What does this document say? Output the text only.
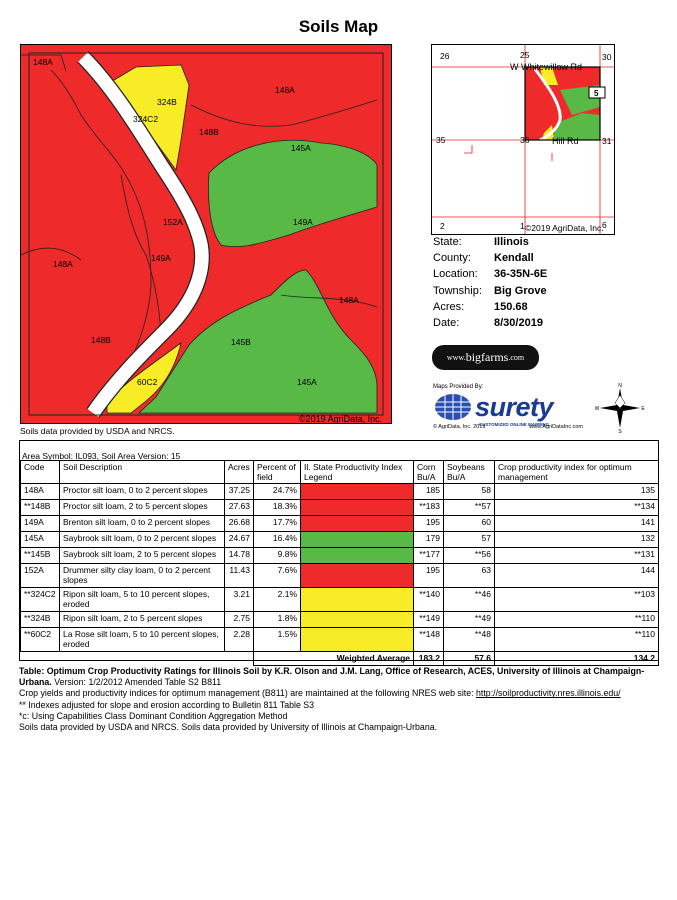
Soils Map
148A
324B
324C2
148A
148B
145A
152A	149A
148A
149A
148A
148B	145B
60C2	145A
©2019 AgriData, Inc.
Soils data provided by USDA and NRCS.
26	25	30
35	36	31
2	1	6
W Whitewillow Rd
Hill Rd
5
©2019 AgriData, Inc.
State:	Illinois
County:	Kendall
Location:	36-35N-6E
Township:	Big Grove
Acres:	150.68
Date:	8/30/2019
www. bigfarms .com
Maps Provided By:
surety
CUSTOMIZED ONLINE MAPPING
© AgriData, Inc. 2019	www.AgriDataInc.com
N
S
W	E
Area Symbol: IL093, Soil Area Version: 15
Code	Soil Description	Acres	Percent of field	Il. State Productivity Index Legend	Corn Bu/A	Soybeans Bu/A	Crop productivity index for optimum management
148A	Proctor silt loam, 0 to 2 percent slopes	37.25	24.7%		185	58	135
**148B	Proctor silt loam, 2 to 5 percent slopes	27.63	18.3%		**183	**57	**134
149A	Brenton silt loam, 0 to 2 percent slopes	26.68	17.7%		195	60	141
145A	Saybrook silt loam, 0 to 2 percent slopes	24.67	16.4%		179	57	132
**145B	Saybrook silt loam, 2 to 5 percent slopes	14.78	9.8%		**177	**56	**131
152A	Drummer silty clay loam, 0 to 2 percent slopes	11.43	7.6%		195	63	144
**324C2	Ripon silt loam, 5 to 10 percent slopes, eroded	3.21	2.1%		**140	**46	**103
**324B	Ripon silt loam, 2 to 5 percent slopes	2.75	1.8%		**149	**49	**110
**60C2	La Rose silt loam, 5 to 10 percent slopes, eroded	2.28	1.5%		**148	**48	**110
			Weighted Average		183.2	57.6	134.2
Table: Optimum Crop Productivity Ratings for Illinois Soil by K.R. Olson and J.M. Lang, Office of Research, ACES, University of Illinois at Champaign-Urbana. Version: 1/2/2012 Amended Table S2 B811
Crop yields and productivity indices for optimum management (B811) are maintained at the following NRES web site: http://soilproductivity.nres.illinois.edu/
** Indexes adjusted for slope and erosion according to Bulletin 811 Table S3
*c: Using Capabilities Class Dominant Condition Aggregation Method
Soils data provided by USDA and NRCS. Soils data provided by University of Illinois at Champaign-Urbana.
